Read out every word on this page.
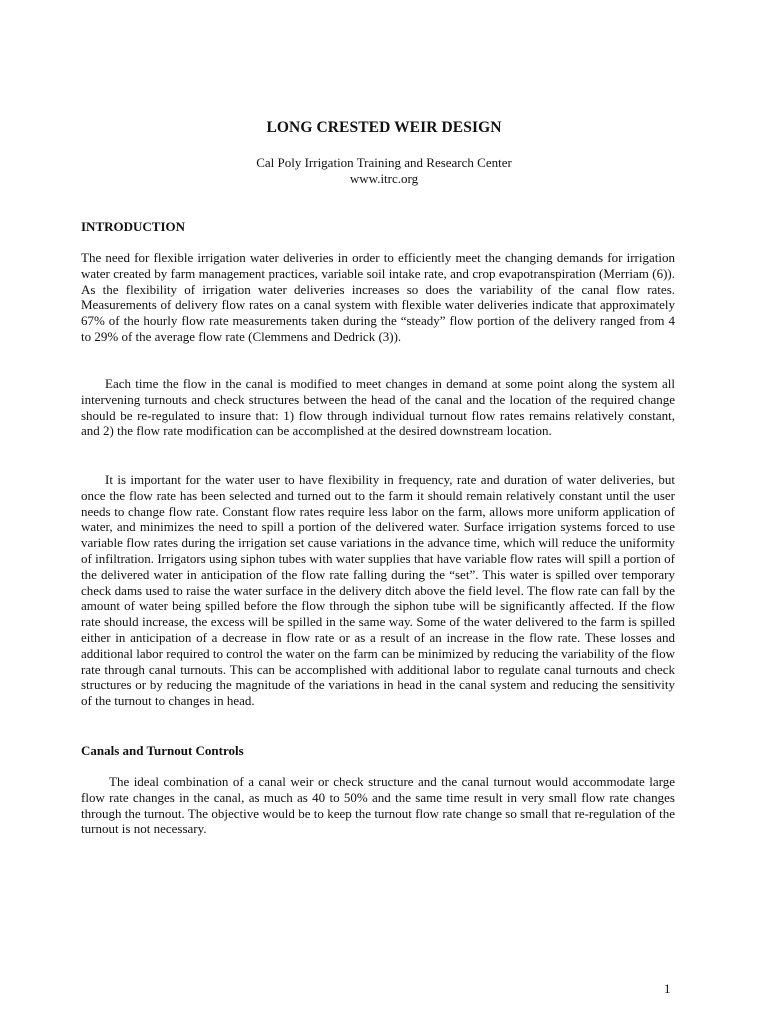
LONG CRESTED WEIR DESIGN
Cal Poly Irrigation Training and Research Center
www.itrc.org
INTRODUCTION

The need for flexible irrigation water deliveries in order to efficiently meet the changing demands for irrigation water created by farm management practices, variable soil intake rate, and crop evapotranspiration (Merriam (6)). As the flexibility of irrigation water deliveries increases so does the variability of the canal flow rates. Measurements of delivery flow rates on a canal system with flexible water deliveries indicate that approximately 67% of the hourly flow rate measurements taken during the “steady” flow portion of the delivery ranged from 4 to 29% of the average flow rate (Clemmens and Dedrick (3)).

Each time the flow in the canal is modified to meet changes in demand at some point along the system all intervening turnouts and check structures between the head of the canal and the location of the required change should be re-regulated to insure that: 1) flow through individual turnout flow rates remains relatively constant, and 2) the flow rate modification can be accomplished at the desired downstream location.

It is important for the water user to have flexibility in frequency, rate and duration of water deliveries, but once the flow rate has been selected and turned out to the farm it should remain relatively constant until the user needs to change flow rate. Constant flow rates require less labor on the farm, allows more uniform application of water, and minimizes the need to spill a portion of the delivered water. Surface irrigation systems forced to use variable flow rates during the irrigation set cause variations in the advance time, which will reduce the uniformity of infiltration. Irrigators using siphon tubes with water supplies that have variable flow rates will spill a portion of the delivered water in anticipation of the flow rate falling during the “set”. This water is spilled over temporary check dams used to raise the water surface in the delivery ditch above the field level. The flow rate can fall by the amount of water being spilled before the flow through the siphon tube will be significantly affected. If the flow rate should increase, the excess will be spilled in the same way. Some of the water delivered to the farm is spilled either in anticipation of a decrease in flow rate or as a result of an increase in the flow rate. These losses and additional labor required to control the water on the farm can be minimized by reducing the variability of the flow rate through canal turnouts. This can be accomplished with additional labor to regulate canal turnouts and check structures or by reducing the magnitude of the variations in head in the canal system and reducing the sensitivity of the turnout to changes in head.

Canals and Turnout Controls

The ideal combination of a canal weir or check structure and the canal turnout would accommodate large flow rate changes in the canal, as much as 40 to 50% and the same time result in very small flow rate changes through the turnout. The objective would be to keep the turnout flow rate change so small that re-regulation of the turnout is not necessary.

1
